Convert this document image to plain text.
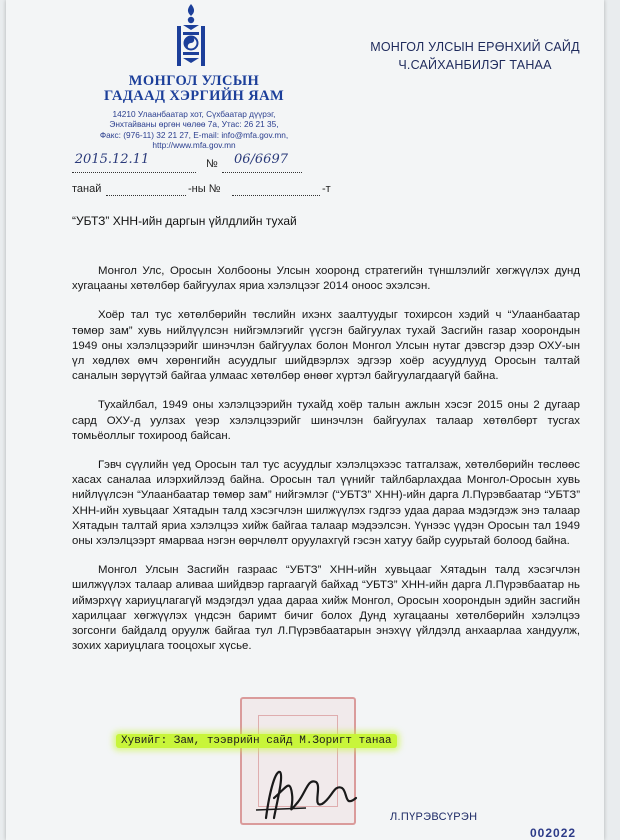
МОНГОЛ УЛСЫН
ГАДААД ХЭРГИЙН ЯАМ
14210 Улаанбаатар хот, Сүхбаатар дүүрэг,
Энхтайваны өргөн чөлөө 7а, Утас: 26 21 35,
Факс: (976-11) 32 21 27, E-mail: info@mfa.gov.mn,
http://www.mfa.gov.mn
МОНГОЛ УЛСЫН ЕРӨНХИЙ САЙД
Ч.САЙХАНБИЛЭГ ТАНАА
2015.12.11	№	06/6697
танай	-ны №	-т
“УБТЗ” ХНН-ийн даргын үйлдлийн тухай

Монгол Улс, Оросын Холбооны Улсын хооронд стратегийн түншлэлийг хөгжүүлэх дунд хугацааны хөтөлбөр байгуулах яриа хэлэлцээг 2014 оноос эхэлсэн.

Хоёр тал тус хөтөлбөрийн төслийн ихэнх заалтуудыг тохирсон хэдий ч “Улаанбаатар төмөр зам” хувь нийлүүлсэн нийгэмлэгийг үүсгэн байгуулах тухай Засгийн газар хоорондын 1949 оны хэлэлцээрийг шинэчлэн байгуулах болон Монгол Улсын нутаг дэвсгэр дээр ОХУ-ын үл хөдлөх өмч хөрөнгийн асуудлыг шийдвэрлэх эдгээр хоёр асуудлууд Оросын талтай саналын зөрүүтэй байгаа улмаас хөтөлбөр өнөөг хүртэл байгуулагдаагүй байна.

Тухайлбал, 1949 оны хэлэлцээрийн тухайд хоёр талын ажлын хэсэг 2015 оны 2 дугаар сард ОХУ-д уулзах үеэр хэлэлцээрийг шинэчлэн байгуулах талаар хөтөлбөрт тусгах томьёоллыг тохироод байсан.

Гэвч сүүлийн үед Оросын тал тус асуудлыг хэлэлцэхээс татгалзаж, хөтөлбөрийн төслөөс хасах саналаа илэрхийлээд байна. Оросын тал үүнийг тайлбарлахдаа Монгол-Оросын хувь нийлүүлсэн “Улаанбаатар төмөр зам” нийгэмлэг (“УБТЗ” ХНН)-ийн дарга Л.Пүрэвбаатар “УБТЗ” ХНН-ийн хувьцааг Хятадын талд хэсэгчлэн шилжүүлэх гэдгээ удаа дараа мэдэгдэж энэ талаар Хятадын талтай яриа хэлэлцээ хийж байгаа талаар мэдээлсэн. Үүнээс үүдэн Оросын тал 1949 оны хэлэлцээрт ямарваа нэгэн өөрчлөлт оруулахгүй гэсэн хатуу байр суурьтай болоод байна.

Монгол Улсын Засгийн газраас “УБТЗ” ХНН-ийн хувьцааг Хятадын талд хэсэгчлэн шилжүүлэх талаар аливаа шийдвэр гаргаагүй байхад “УБТЗ” ХНН-ийн дарга Л.Пүрэвбаатар нь иймэрхүү хариуцлагагүй мэдэгдэл удаа дараа хийж Монгол, Оросын хоорондын эдийн засгийн харилцааг хөгжүүлэх үндсэн баримт бичиг болох Дунд хугацааны хөтөлбөрийн хэлэлцээ зогсонги байдалд оруулж байгаа тул Л.Пүрэвбаатарын энэхүү үйлдэлд анхаарлаа хандуулж, зохих хариуцлага тооцохыг хүсье.

Хувийг: Зам, тээврийн сайд М.Зоригт танаа
Л.ПҮРЭВСҮРЭН
002022
